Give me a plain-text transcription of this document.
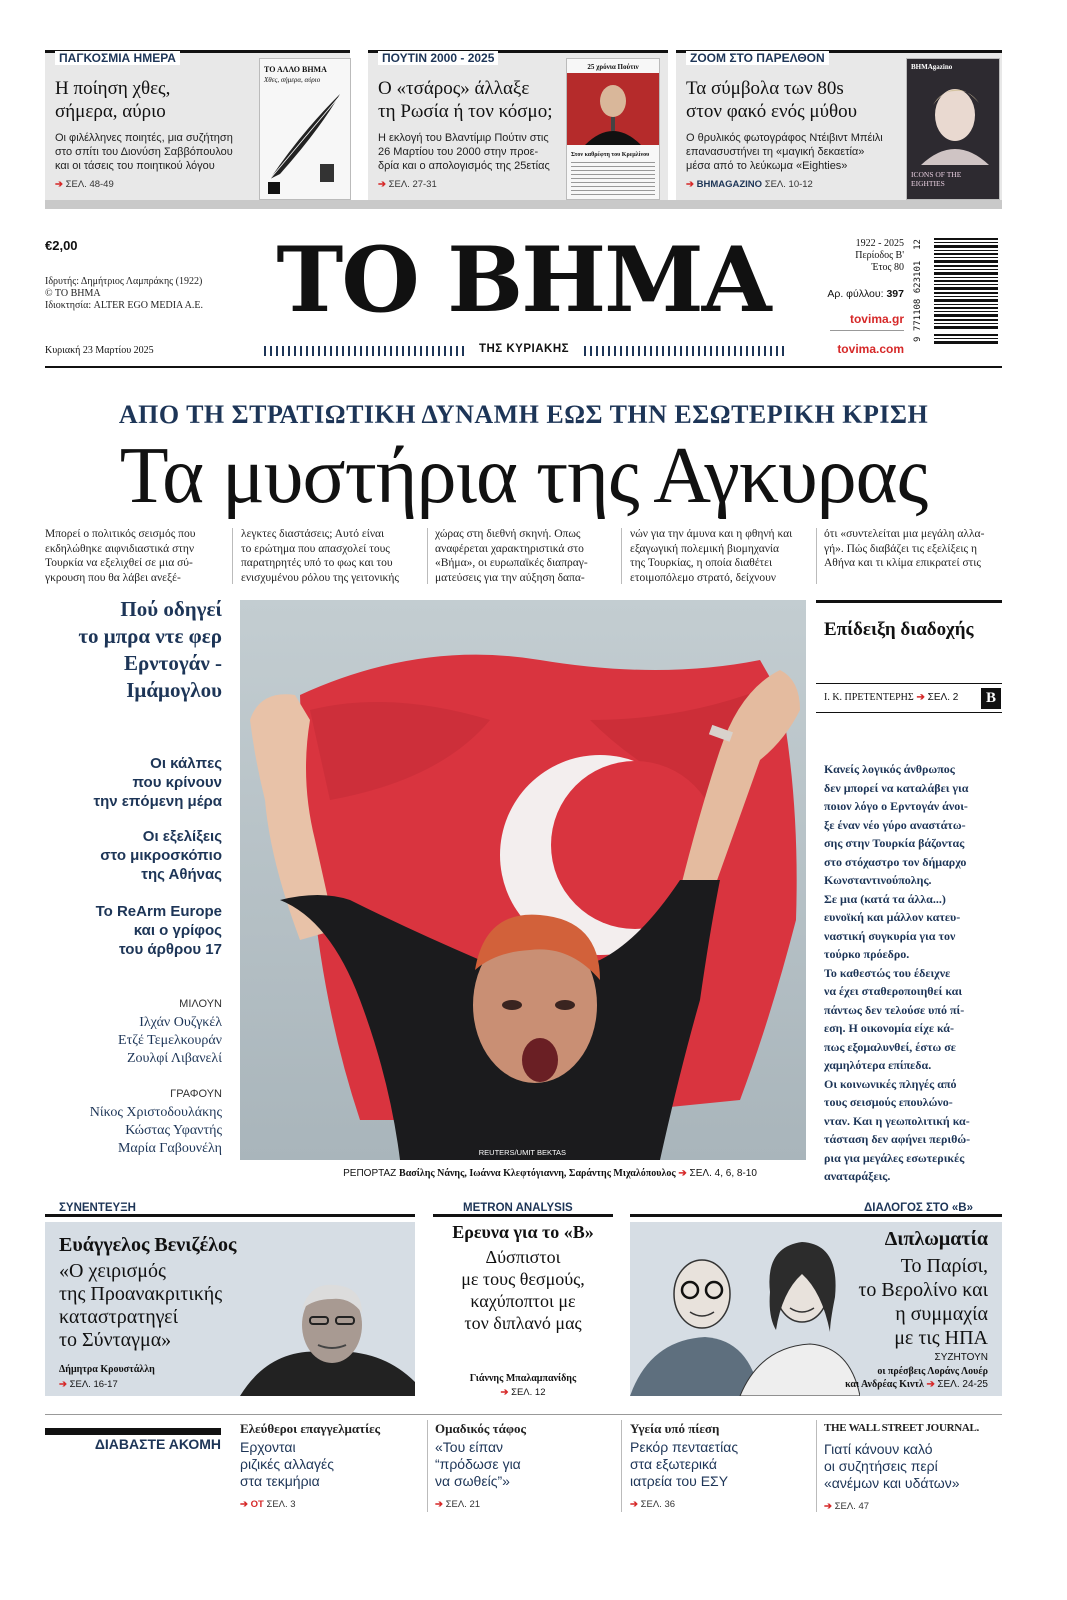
ΠΑΓΚΟΣΜΙΑ ΗΜΕΡΑ
Η ποίηση χθες,
σήμερα, αύριο
Οι φιλέλληνες ποιητές, μια συζήτηση
στο σπίτι του Διονύση Σαββόπουλου
και οι τάσεις του ποιητικού λόγου
➔ ΣΕΛ. 48-49
ΤΟ ΑΛΛΟ ΒΗΜΑ
Χθες, σήμερα, αύριο
ΠΟΥΤΙΝ 2000 - 2025
Ο «τσάρος» άλλαξε
τη Ρωσία ή τον κόσμο;
Η εκλογή του Βλαντίμιρ Πούτιν στις
26 Μαρτίου του 2000 στην προε-
δρία και ο απολογισμός της 25ετίας
➔ ΣΕΛ. 27-31
25 χρόνια Πούτιν
Στον καθρέφτη του Κρεμλίνου
ΖΟΟΜ ΣΤΟ ΠΑΡΕΛΘΟΝ
Τα σύμβολα των 80s
στον φακό ενός μύθου
Ο θρυλικός φωτογράφος Ντέιβιντ Μπέιλι
επανασυστήνει τη «μαγική δεκαετία»
μέσα από το λεύκωμα «Eighties»
➔ ΒΗΜΑGAZINO ΣΕΛ. 10-12
ΒΗΜΑgazino
ICONS OF THE EIGHTIES
€2,00
Ιδρυτής: Δημήτριος Λαμπράκης (1922)
© ΤΟ ΒΗΜΑ
Ιδιοκτησία: ALTER EGO MEDIA A.E.
Κυριακή 23 Μαρτίου 2025
ΤΟ ΒΗΜΑ
ΤΗΣ ΚΥΡΙΑΚΗΣ
1922 - 2025
Περίοδος Β'
Έτος 80
Αρ. φύλλου: 397
tovima.gr
tovima.com
9 771108 623101  12
ΑΠΟ ΤΗ ΣΤΡΑΤΙΩΤΙΚΗ ΔΥΝΑΜΗ ΕΩΣ ΤΗΝ ΕΣΩΤΕΡΙΚΗ ΚΡΙΣΗ
Τα μυστήρια της Αγκυρας
Μπορεί ο πολιτικός σεισμός που
εκδηλώθηκε αιφνιδιαστικά στην
Τουρκία να εξελιχθεί σε μια σύ-
γκρουση που θα λάβει ανεξέ-
λεγκτες διαστάσεις; Αυτό είναι
το ερώτημα που απασχολεί τους
παρατηρητές υπό το φως και του
ενισχυμένου ρόλου της γειτονικής
χώρας στη διεθνή σκηνή. Οπως
αναφέρεται χαρακτηριστικά στο
«Βήμα», οι ευρωπαϊκές διαπραγ-
ματεύσεις για την αύξηση δαπα-
νών για την άμυνα και η φθηνή και
εξαγωγική πολεμική βιομηχανία
της Τουρκίας, η οποία διαθέτει
ετοιμοπόλεμο στρατό, δείχνουν
ότι «συντελείται μια μεγάλη αλλα-
γή». Πώς διαβάζει τις εξελίξεις η
Αθήνα και τι κλίμα επικρατεί στις
Πού οδηγεί
το μπρα ντε φερ
Ερντογάν -
Ιμάμογλου
Οι κάλπες
που κρίνουν
την επόμενη μέρα
Οι εξελίξεις
στο μικροσκόπιο
της Αθήνας
Το ReArm Europe
και ο γρίφος
του άρθρου 17
ΜΙΛΟΥΝ
Ιλχάν Ουζγκέλ
Ετζέ Τεμελκουράν
Ζουλφί Λιβανελί
ΓΡΑΦΟΥΝ
Νίκος Χριστοδουλάκης
Κώστας Υφαντής
Μαρία Γαβουνέλη	REUTERS/UMIT BEKTAS
ΡΕΠΟΡΤΑΖ Βασίλης Νάνης, Ιωάννα Κλεφτόγιαννη, Σαράντης Μιχαλόπουλος ➔ ΣΕΛ. 4, 6, 8-10
Επίδειξη διαδοχής
Ι. Κ. ΠΡΕΤΕΝΤΕΡΗΣ ➔ ΣΕΛ. 2	Β
Κανείς λογικός άνθρωπος
δεν μπορεί να καταλάβει για
ποιον λόγο ο Ερντογάν άνοι-
ξε έναν νέο γύρο αναστάτω-
σης στην Τουρκία βάζοντας
στο στόχαστρο τον δήμαρχο
Κωνσταντινούπολης.
Σε μια (κατά τα άλλα...)
ευνοϊκή και μάλλον κατευ-
ναστική συγκυρία για τον
τούρκο πρόεδρο.
Το καθεστώς του έδειχνε
να έχει σταθεροποιηθεί και
πάντως δεν τελούσε υπό πί-
εση. Η οικονομία είχε κά-
πως εξομαλυνθεί, έστω σε
χαμηλότερα επίπεδα.
Οι κοινωνικές πληγές από
τους σεισμούς επουλώνο-
νταν. Και η γεωπολιτική κα-
τάσταση δεν αφήνει περιθώ-
ρια για μεγάλες εσωτερικές
αναταράξεις.
ΣΥΝΕΝΤΕΥΞΗ
Ευάγγελος Βενιζέλος
«Ο χειρισμός
της Προανακριτικής
καταστρατηγεί
το Σύνταγμα»
Δήμητρα Κρουστάλλη
➔ ΣΕΛ. 16-17
METRON ANALYSIS
Ερευνα για το «Β»
Δύσπιστοι
με τους θεσμούς,
καχύποπτοι με
τον διπλανό μας
Γιάννης Μπαλαμπανίδης
➔ ΣΕΛ. 12
ΔΙΑΛΟΓΟΣ ΣΤΟ «Β»
Διπλωματία
Το Παρίσι,
το Βερολίνο και
η συμμαχία
με τις ΗΠΑ
ΣΥΖΗΤΟΥΝ
οι πρέσβεις Λοράνς Λουέρ
και Ανδρέας Κιντλ ➔ ΣΕΛ. 24-25
ΔΙΑΒΑΣΤΕ ΑΚΟΜΗ
Ελεύθεροι επαγγελματίες
Ερχονται
ριζικές αλλαγές
στα τεκμήρια
➔ ΟΤ ΣΕΛ. 3
Ομαδικός τάφος
«Του είπαν
“πρόδωσε για
να σωθείς”»
➔ ΣΕΛ. 21
Υγεία υπό πίεση
Ρεκόρ πενταετίας
στα εξωτερικά
ιατρεία του ΕΣΥ
➔ ΣΕΛ. 36
THE WALL STREET JOURNAL.
Γιατί κάνουν καλό
οι συζητήσεις περί
«ανέμων και υδάτων»
➔ ΣΕΛ. 47
